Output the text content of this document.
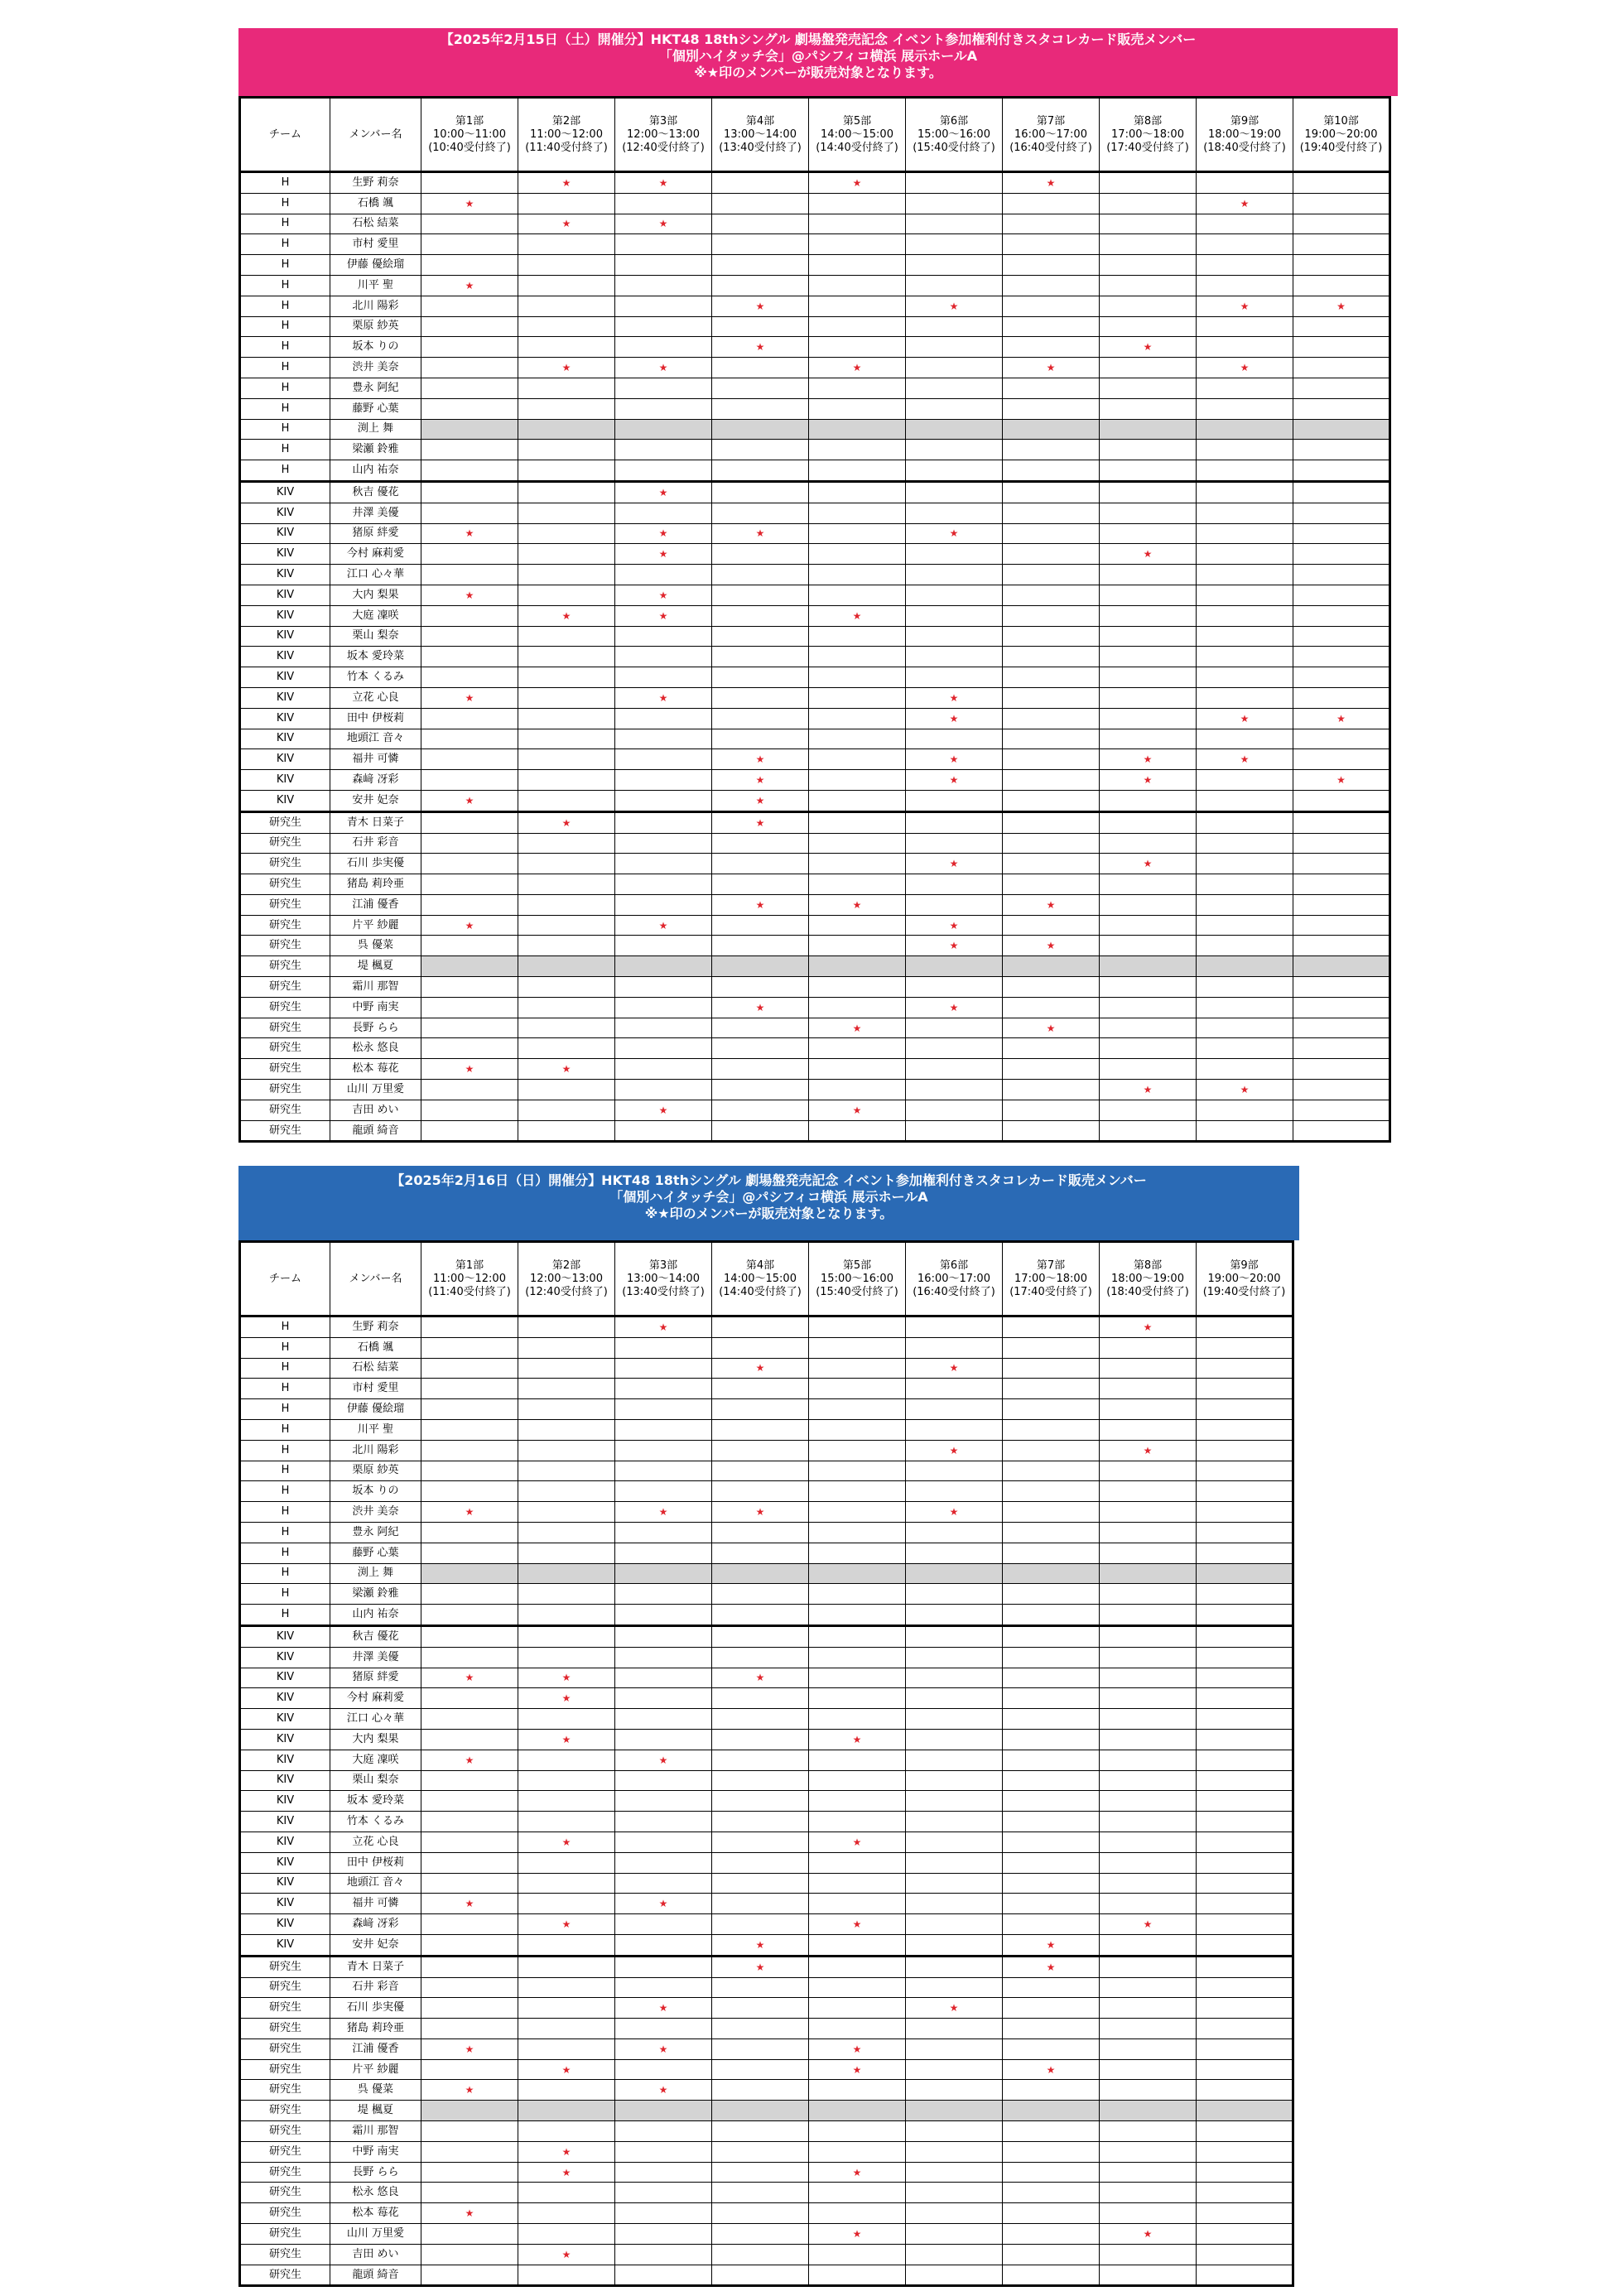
【2025年2月15日（土）開催分】HKT48 18thシングル 劇場盤発売記念 イベント参加権利付きスタコレカード販売メンバー
「個別ハイタッチ会」@パシフィコ横浜 展示ホールA
※★印のメンバーが販売対象となります。
チーム	メンバー名	第1部
10:00～11:00
(10:40受付終了)	第2部
11:00～12:00
(11:40受付終了)	第3部
12:00～13:00
(12:40受付終了)	第4部
13:00～14:00
(13:40受付終了)	第5部
14:00～15:00
(14:40受付終了)	第6部
15:00～16:00
(15:40受付終了)	第7部
16:00～17:00
(16:40受付終了)	第8部
17:00～18:00
(17:40受付終了)	第9部
18:00～19:00
(18:40受付終了)	第10部
19:00～20:00
(19:40受付終了)

H	生野 莉奈		★	★		★		★			
H	石橋 颯	★								★	
H	石松 結菜		★	★							
H	市村 愛里										
H	伊藤 優絵瑠										
H	川平 聖	★									
H	北川 陽彩				★		★			★	★
H	栗原 紗英										
H	坂本 りの				★				★		
H	渋井 美奈		★	★		★		★		★	
H	豊永 阿紀										
H	藤野 心葉										
H	渕上 舞										
H	梁瀬 鈴雅										
H	山内 祐奈										
KIV	秋吉 優花			★							
KIV	井澤 美優										
KIV	猪原 絆愛	★		★	★		★				
KIV	今村 麻莉愛			★					★		
KIV	江口 心々華										
KIV	大内 梨果	★		★							
KIV	大庭 凜咲		★	★		★					
KIV	栗山 梨奈										
KIV	坂本 愛玲菜										
KIV	竹本 くるみ										
KIV	立花 心良	★		★			★				
KIV	田中 伊桜莉						★			★	★
KIV	地頭江 音々										
KIV	福井 可憐				★		★		★	★	
KIV	森﨑 冴彩				★		★		★		★
KIV	安井 妃奈	★			★						
研究生	青木 日菜子		★		★						
研究生	石井 彩音										
研究生	石川 歩実優						★		★		
研究生	猪島 莉玲亜										
研究生	江浦 優香				★	★		★			
研究生	片平 紗麗	★		★			★				
研究生	呉 優菜						★	★			
研究生	堤 楓夏										
研究生	霜川 那智										
研究生	中野 南実				★		★				
研究生	長野 らら					★		★			
研究生	松永 悠良										
研究生	松本 莓花	★	★								
研究生	山川 万里愛								★	★	
研究生	吉田 めい			★		★					
研究生	龍頭 綺音										
【2025年2月16日（日）開催分】HKT48 18thシングル 劇場盤発売記念 イベント参加権利付きスタコレカード販売メンバー
「個別ハイタッチ会」@パシフィコ横浜 展示ホールA
※★印のメンバーが販売対象となります。
チーム	メンバー名	第1部
11:00～12:00
(11:40受付終了)	第2部
12:00～13:00
(12:40受付終了)	第3部
13:00～14:00
(13:40受付終了)	第4部
14:00～15:00
(14:40受付終了)	第5部
15:00～16:00
(15:40受付終了)	第6部
16:00～17:00
(16:40受付終了)	第7部
17:00～18:00
(17:40受付終了)	第8部
18:00～19:00
(18:40受付終了)	第9部
19:00～20:00
(19:40受付終了)

H	生野 莉奈			★					★	
H	石橋 颯									
H	石松 結菜				★		★			
H	市村 愛里									
H	伊藤 優絵瑠									
H	川平 聖									
H	北川 陽彩						★		★	
H	栗原 紗英									
H	坂本 りの									
H	渋井 美奈	★		★	★		★			
H	豊永 阿紀									
H	藤野 心葉									
H	渕上 舞									
H	梁瀬 鈴雅									
H	山内 祐奈									
KIV	秋吉 優花									
KIV	井澤 美優									
KIV	猪原 絆愛	★	★		★					
KIV	今村 麻莉愛		★							
KIV	江口 心々華									
KIV	大内 梨果		★			★				
KIV	大庭 凜咲	★		★						
KIV	栗山 梨奈									
KIV	坂本 愛玲菜									
KIV	竹本 くるみ									
KIV	立花 心良		★			★				
KIV	田中 伊桜莉									
KIV	地頭江 音々									
KIV	福井 可憐	★		★						
KIV	森﨑 冴彩		★			★			★	
KIV	安井 妃奈				★			★		
研究生	青木 日菜子				★			★		
研究生	石井 彩音									
研究生	石川 歩実優			★			★			
研究生	猪島 莉玲亜									
研究生	江浦 優香	★		★		★				
研究生	片平 紗麗		★			★		★		
研究生	呉 優菜	★		★						
研究生	堤 楓夏									
研究生	霜川 那智									
研究生	中野 南実		★							
研究生	長野 らら		★			★				
研究生	松永 悠良									
研究生	松本 莓花	★								
研究生	山川 万里愛					★			★	
研究生	吉田 めい		★							
研究生	龍頭 綺音									
